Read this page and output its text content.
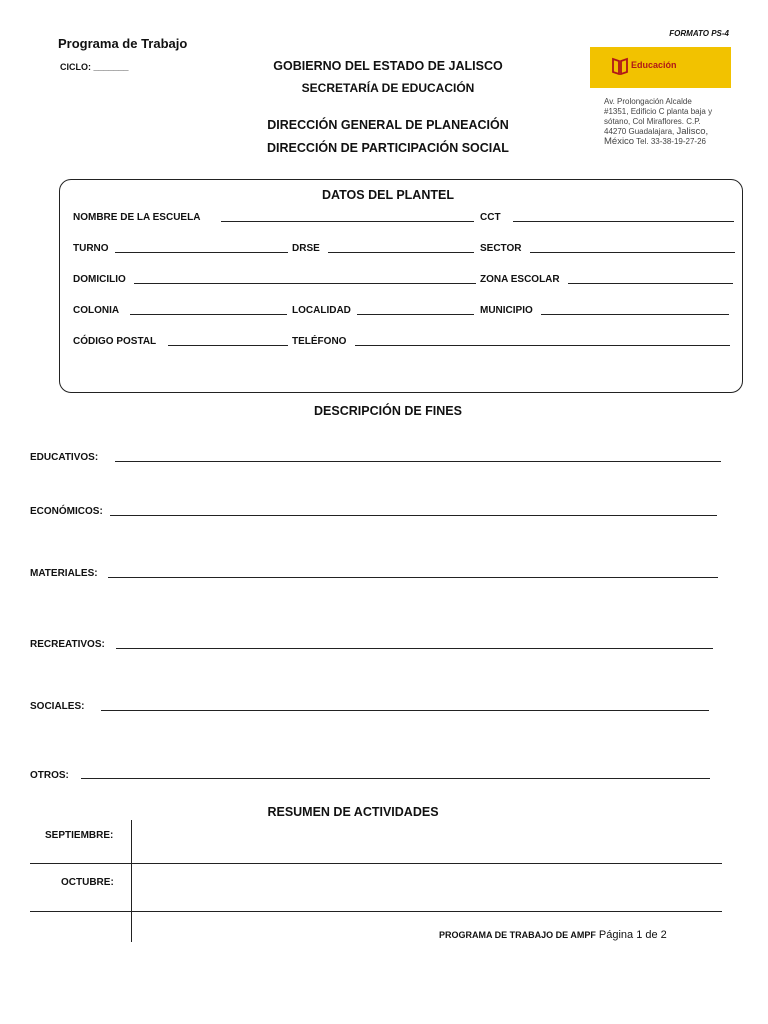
Programa de Trabajo
CICLO: _______	GOBIERNO DEL ESTADO DE JALISCO
SECRETARÍA DE EDUCACIÓN
DIRECCIÓN GENERAL DE PLANEACIÓN
DIRECCIÓN DE PARTICIPACIÓN SOCIAL
FORMATO PS-4
Educación
Av. Prolongación Alcalde
#1351, Edificio C planta baja y
sótano, Col Miraflores. C.P.
44270 Guadalajara, Jalisco,
México Tel. 33-38-19-27-26
DATOS DEL PLANTEL
NOMBRE DE LA ESCUELA	CCT
TURNO	DRSE	SECTOR
DOMICILIO	ZONA ESCOLAR
COLONIA	LOCALIDAD	MUNICIPIO
CÓDIGO POSTAL	TELÉFONO
DESCRIPCIÓN DE FINES
EDUCATIVOS:
ECONÓMICOS:
MATERIALES:
RECREATIVOS:
SOCIALES:
OTROS:
RESUMEN DE ACTIVIDADES
SEPTIEMBRE:
OCTUBRE:
PROGRAMA DE TRABAJO DE AMPF Página 1 de 2
